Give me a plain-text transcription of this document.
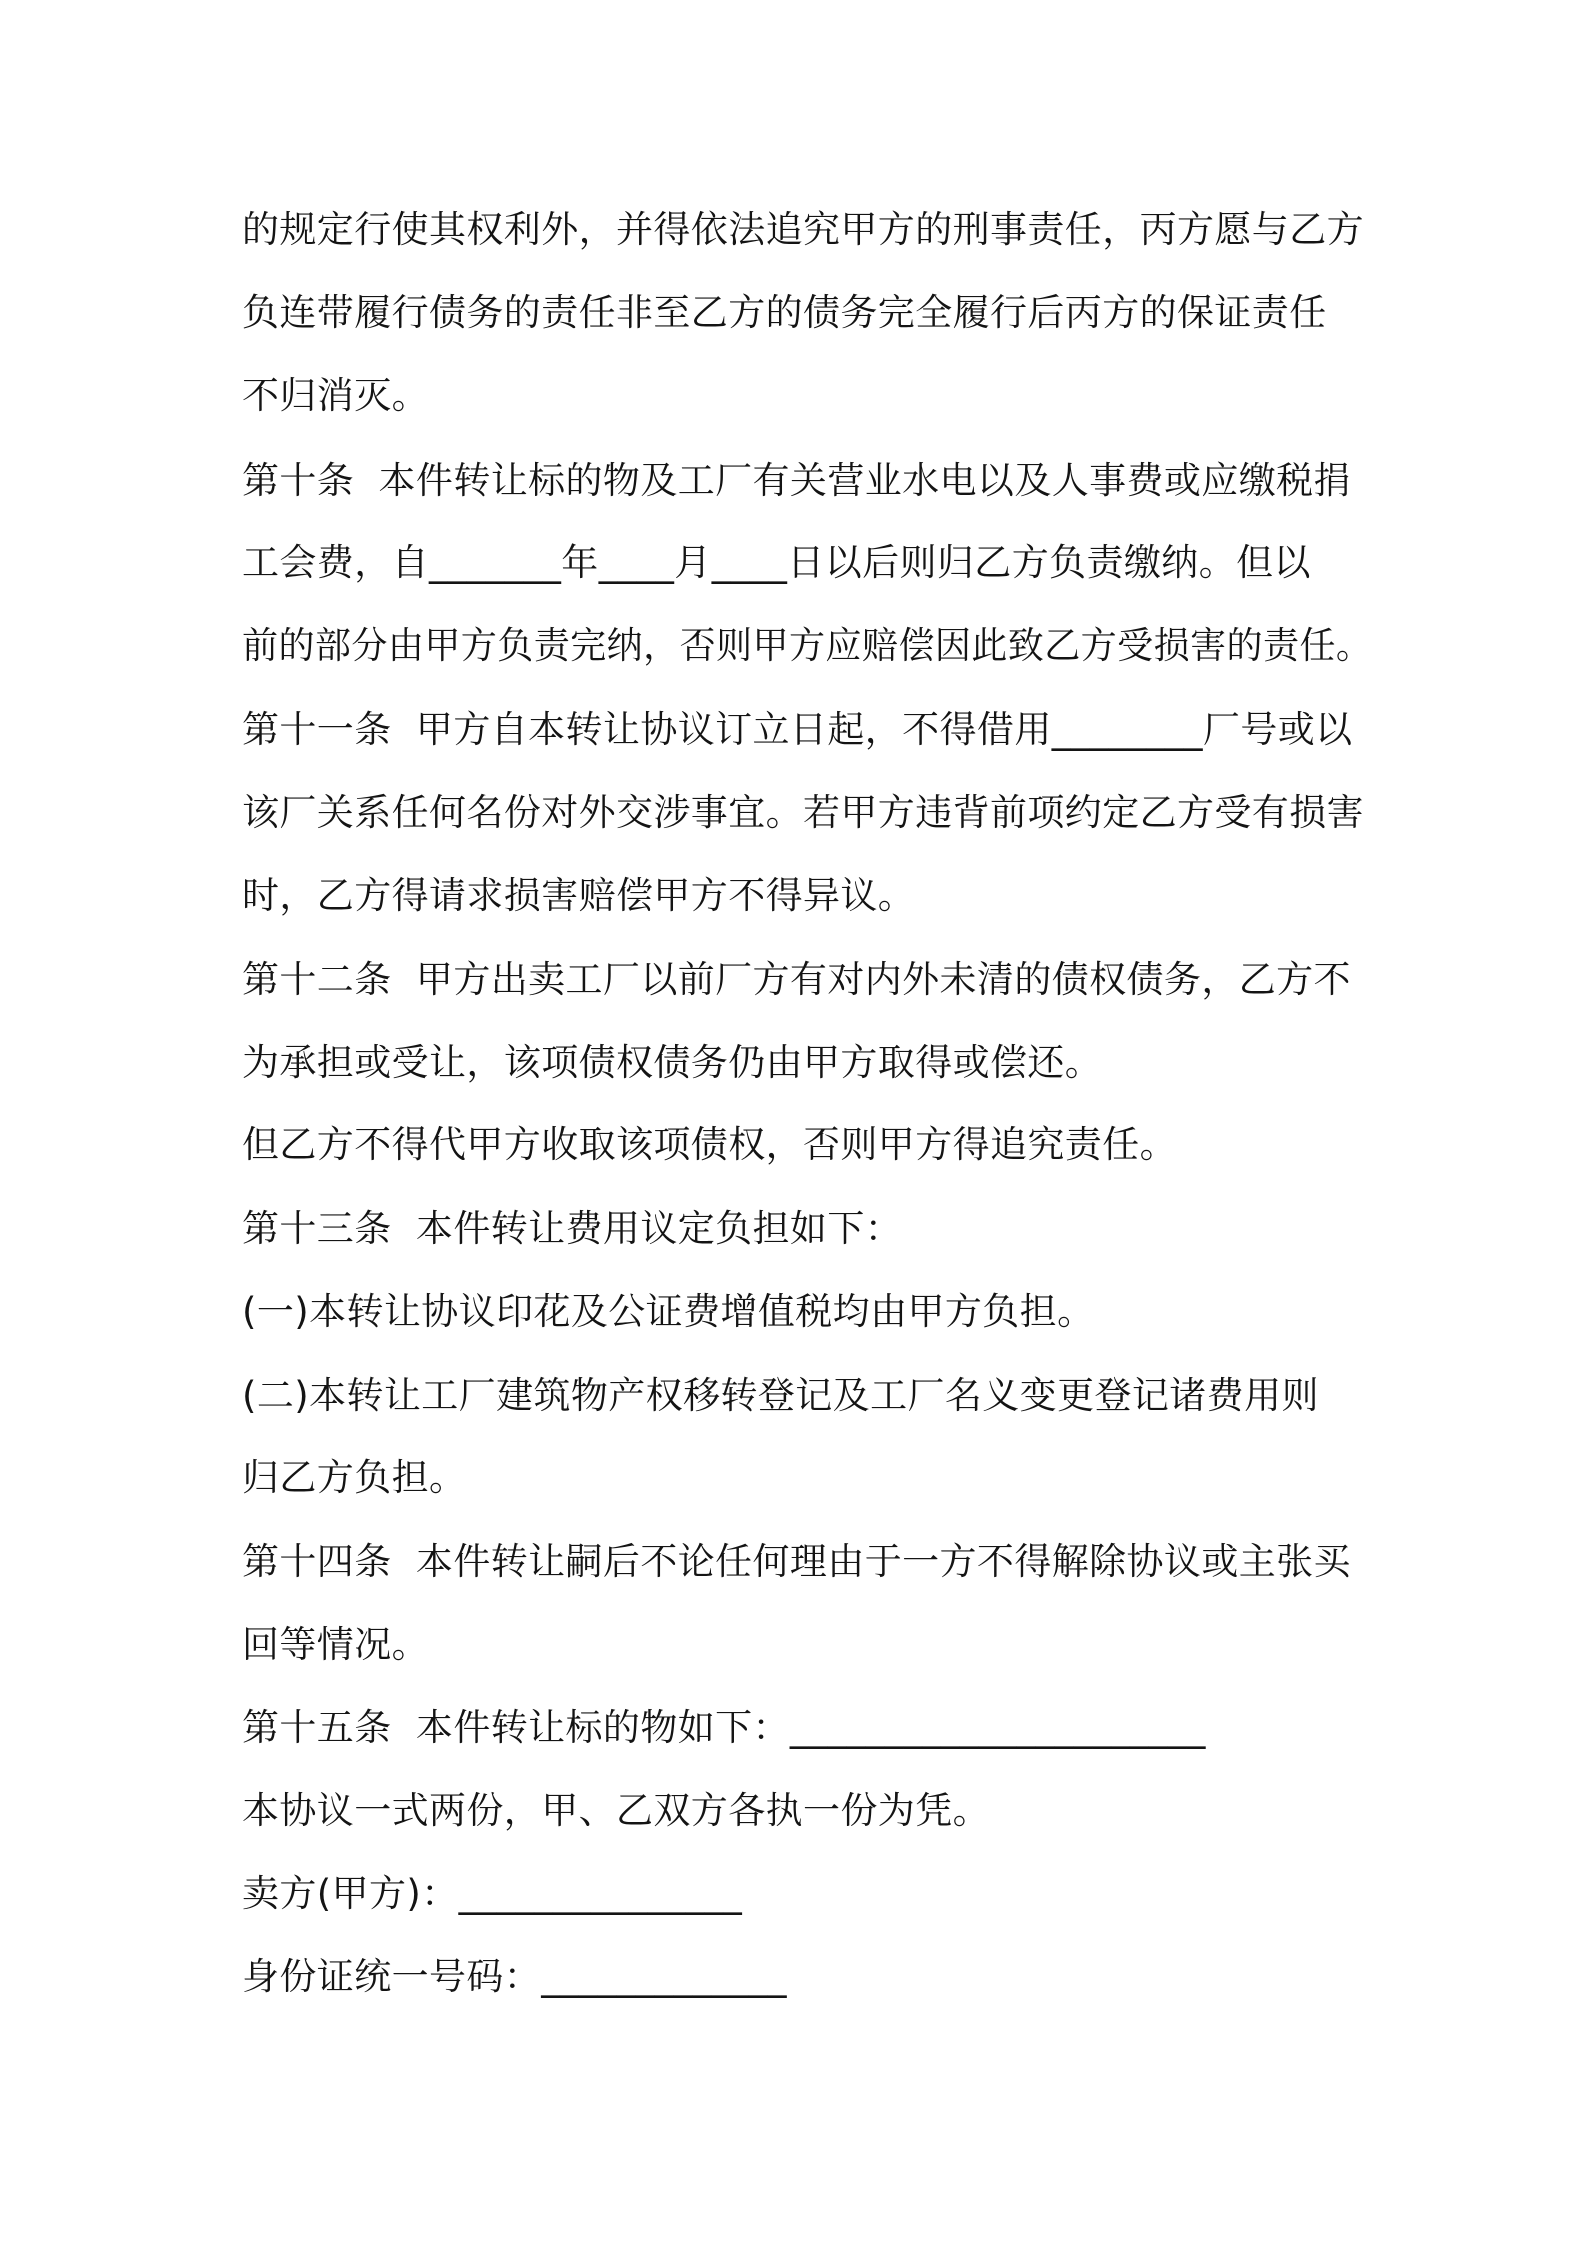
的规定行使其权利外，并得依法追究甲方的刑事责任，丙方愿与乙方

负连带履行债务的责任非至乙方的债务完全履行后丙方的保证责任

不归消灭。

第十条  本件转让标的物及工厂有关营业水电以及人事费或应缴税捐

工会费，自_______年____月____日以后则归乙方负责缴纳。但以

前的部分由甲方负责完纳，否则甲方应赔偿因此致乙方受损害的责任。

第十一条  甲方自本转让协议订立日起，不得借用________厂号或以

该厂关系任何名份对外交涉事宜。若甲方违背前项约定乙方受有损害

时，乙方得请求损害赔偿甲方不得异议。

第十二条  甲方出卖工厂以前厂方有对内外未清的债权债务，乙方不

为承担或受让，该项债权债务仍由甲方取得或偿还。

但乙方不得代甲方收取该项债权，否则甲方得追究责任。

第十三条  本件转让费用议定负担如下：

(一)本转让协议印花及公证费增值税均由甲方负担。

(二)本转让工厂建筑物产权移转登记及工厂名义变更登记诸费用则

归乙方负担。

第十四条  本件转让嗣后不论任何理由于一方不得解除协议或主张买

回等情况。

第十五条  本件转让标的物如下：______________________

本协议一式两份，甲、乙双方各执一份为凭。

卖方(甲方)：_______________

身份证统一号码：_____________
